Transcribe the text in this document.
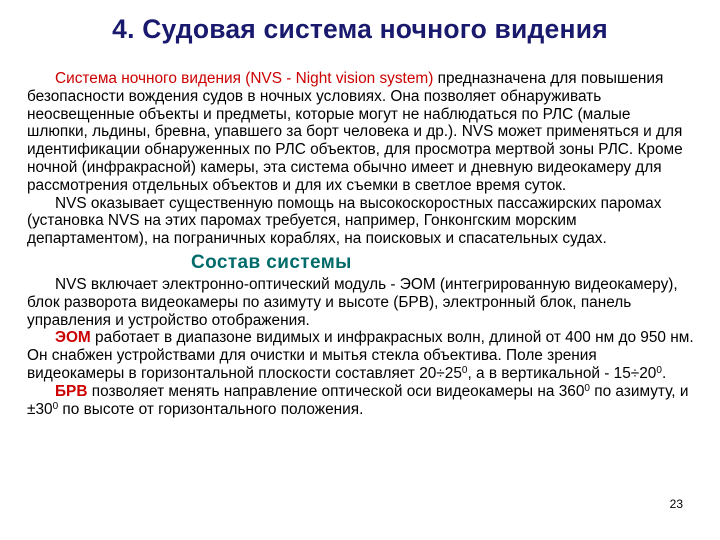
4. Судовая система ночного видения

Система ночного видения (NVS - Night vision system) предназначена для повышения безопасности вождения судов в ночных условиях. Она позволяет обнаруживать неосвещенные объекты и предметы, которые могут не наблюдаться по РЛС (малые шлюпки, льдины, бревна, упавшего за борт человека и др.). NVS может применяться и для идентификации обнаруженных по РЛС объектов, для просмотра мертвой зоны РЛС. Кроме ночной (инфракрасной) камеры, эта система обычно имеет и дневную видеокамеру для рассмотрения отдельных объектов и для их съемки в светлое время суток.

NVS оказывает существенную помощь на высокоскоростных пассажирских паромах (установка NVS на этих паромах требуется, например, Гонконгским морским департаментом), на пограничных кораблях, на поисковых и спасательных судах.

Состав системы

NVS включает электронно-оптический модуль - ЭОМ (интегрированную видеокамеру), блок разворота видеокамеры по азимуту и высоте (БРВ), электронный блок, панель управления и устройство отображения.

ЭОМ работает в диапазоне видимых и инфракрасных волн, длиной от 400 нм до 950 нм. Он снабжен устройствами для очистки и мытья стекла объектива. Поле зрения видеокамеры в горизонтальной плоскости составляет $20\div 25^0$, а в вертикальной - $15\div 20^0$.

БРВ позволяет менять направление оптической оси видеокамеры на $360^0$ по азимуту, $и \pm 30^0$ по высоте от горизонтального положения.

23
